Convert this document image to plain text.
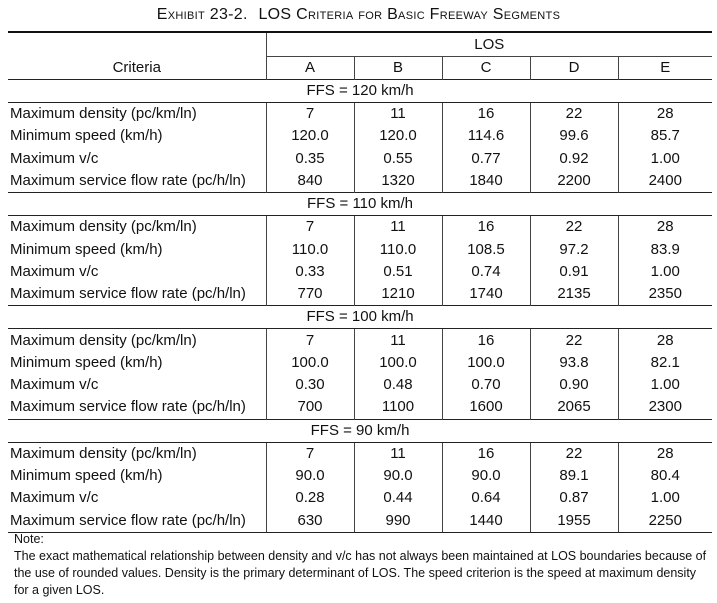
Exhibit 23-2. LOS Criteria for Basic Freeway Segments
	LOS				
Criteria	A	B	C	D	E
FFS = 120 km/h					
Maximum density (pc/km/ln)	7	11	16	22	28
Minimum speed (km/h)	120.0	120.0	114.6	99.6	85.7
Maximum v/c	0.35	0.55	0.77	0.92	1.00
Maximum service flow rate (pc/h/ln)	840	1320	1840	2200	2400
FFS = 110 km/h					
Maximum density (pc/km/ln)	7	11	16	22	28
Minimum speed (km/h)	110.0	110.0	108.5	97.2	83.9
Maximum v/c	0.33	0.51	0.74	0.91	1.00
Maximum service flow rate (pc/h/ln)	770	1210	1740	2135	2350
FFS = 100 km/h					
Maximum density (pc/km/ln)	7	11	16	22	28
Minimum speed (km/h)	100.0	100.0	100.0	93.8	82.1
Maximum v/c	0.30	0.48	0.70	0.90	1.00
Maximum service flow rate (pc/h/ln)	700	1100	1600	2065	2300
FFS = 90 km/h					
Maximum density (pc/km/ln)	7	11	16	22	28
Minimum speed (km/h)	90.0	90.0	90.0	89.1	80.4
Maximum v/c	0.28	0.44	0.64	0.87	1.00
Maximum service flow rate (pc/h/ln)	630	990	1440	1955	2250
Note:
The exact mathematical relationship between density and v/c has not always been maintained at LOS boundaries because of the use of rounded values. Density is the primary determinant of LOS. The speed criterion is the speed at maximum density for a given LOS.
